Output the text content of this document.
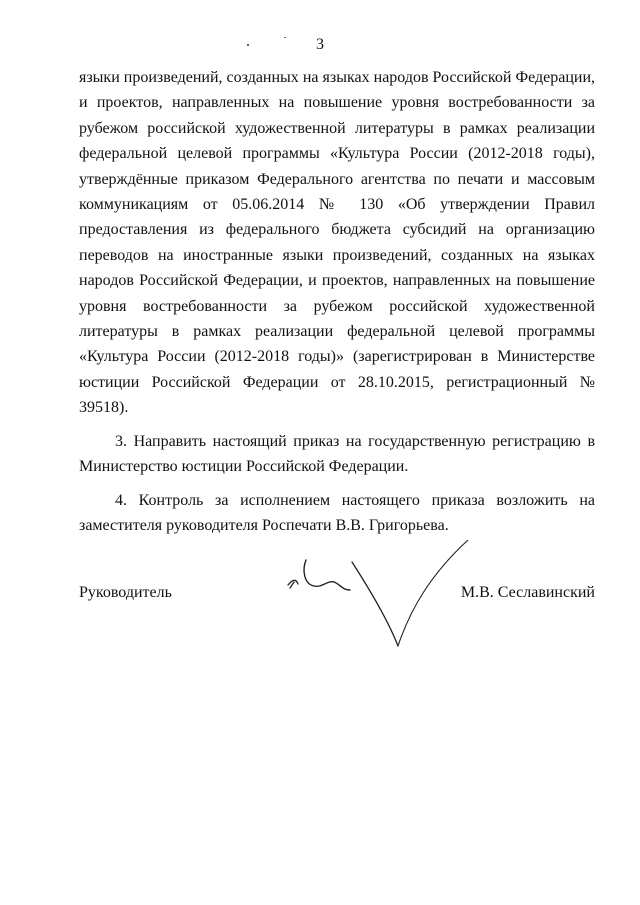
3

языки произведений, созданных на языках народов Российской Федерации, и проектов, направленных на повышение уровня востребованности за рубежом российской художественной литературы в рамках реализации федеральной целевой программы «Культура России (2012-2018 годы), утверждённые приказом Федерального агентства по печати и массовым коммуникациям от 05.06.2014 № 130 «Об утверждении Правил предоставления из федерального бюджета субсидий на организацию переводов на иностранные языки произведений, созданных на языках народов Российской Федерации, и проектов, направленных на повышение уровня востребованности за рубежом российской художественной литературы в рамках реализации федеральной целевой программы «Культура России (2012-2018 годы)» (зарегистрирован в Министерстве юстиции Российской Федерации от 28.10.2015, регистрационный № 39518).

3. Направить настоящий приказ на государственную регистрацию в Министерство юстиции Российской Федерации.

4. Контроль за исполнением настоящего приказа возложить на заместителя руководителя Роспечати В.В. Григорьева.

Руководитель	М.В. Сеславинский
